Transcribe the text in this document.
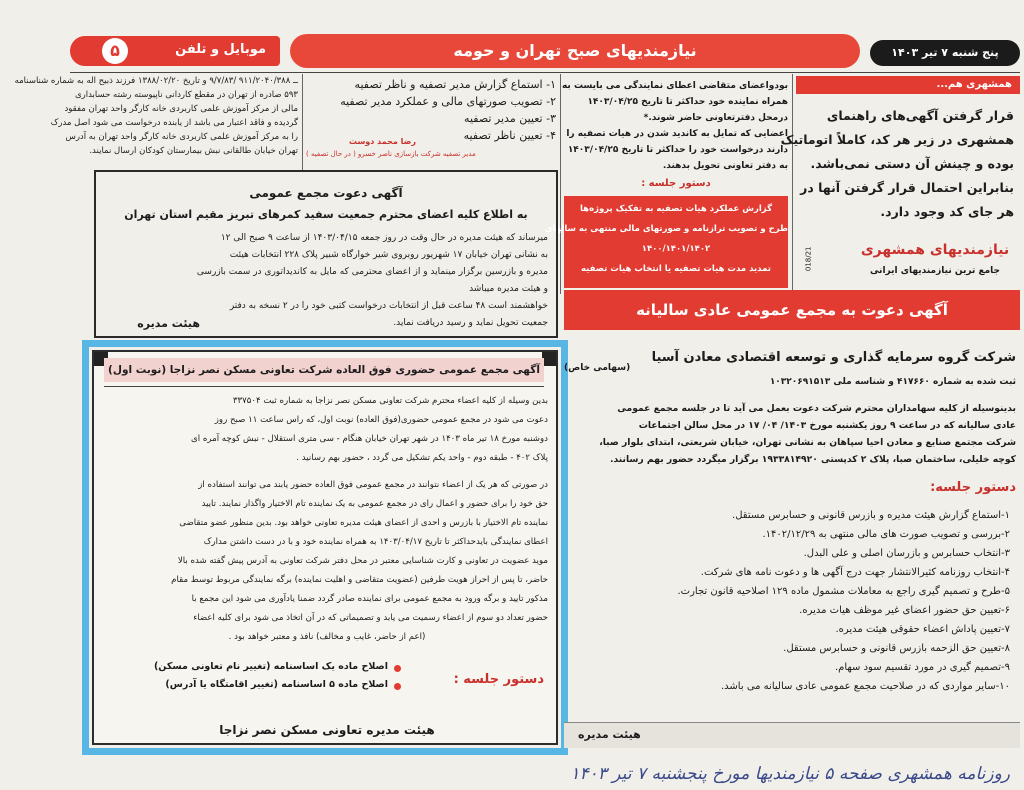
موبایل و تلفن
۵	نیازمندیهای صبح تهران و حومه	پنج شنبه ۷ تیر ۱۴۰۳
ــ ۹۱۱/۲۰۴۰/۳۸۸ /۹/۷/۸۳ و تاریخ ۱۳۸۸/۰۲/۲۰ فرزند ذبیح اله به شماره شناسنامه
۵۹۳ صادره از تهران در مقطع کاردانی ناپیوسته رشته حسابداری
مالی از مرکز آموزش علمی کاربردی خانه کارگر واحد تهران مفقود
گردیده و فاقد اعتبار می باشد از یابنده درخواست می شود اصل مدرک
را به مرکز آموزش علمی کاربردی خانه کارگر واحد تهران به آدرس
تهران خیابان طالقانی نبش بیمارستان کودکان ارسال نمایند.
۱- استماع گزارش مدیر تصفیه و ناظر تصفیه
۲- تصویب صورتهای مالی و عملکرد مدیر تصفیه
۳- تعیین مدیر تصفیه
۴- تعیین ناظر تصفیه
رضا محمد دوست
مدیر تصفیه شرکت بازسازی ناصر خسرو ( در حال تصفیه )
بودواعضای متقاضی اعطای نمایندگی می بایست به
همراه نماینده خود حداکثر تا تاریخ ۱۴۰۳/۰۴/۲۵
درمحل دفترتعاونی حاضر شوند.*
اعضایی که تمایل به کاندید شدن در هیات تصفیه را
دارند درخواست خود را حداکثر تا تاریخ ۱۴۰۳/۰۴/۲۵
به دفتر تعاونی تحویل بدهند.
دستور جلسه :
گزارش عملکرد هیات تصفیه به تفکیک پروژه‌ها
طرح و تصویب ترازنامه و صورتهای مالی منتهی به سالهای
۱۴۰۰/۱۴۰۱/۱۴۰۲
تمدید مدت هیات تصفیه یا انتخاب هیات تصفیه
همشهری هم...
قرار گرفتن آگهی‌های راهنمای
همشهری در زیر هر کد، کاملاً اتوماتیک
بوده و چینش آن دستی نمی‌باشد.
بنابراین احتمال قرار گرفتن آنها در
هر جای کد وجود دارد.
نیازمندیهای همشهری
جامع ترین نیازمندیهای ایرانی
018/21
آگهی دعوت مجمع عمومی
به اطلاع کلیه اعضای محترم جمعیت سفید کمرهای تبریز مقیم استان تهران
میرساند که هیئت مدیره در حال وقت در روز جمعه ۱۴۰۳/۰۴/۱۵ از ساعت ۹ صبح الی ۱۲
به نشانی تهران خیابان ۱۷ شهریور روبروی شیر خوارگاه شبیر پلاک ۲۲۸ انتخابات هیئت
مدیره و بازرسین برگزار مینماید و از اعضای محترمی که مایل به کاندیداتوری در سمت بازرسی
و هیئت مدیره میباشد
خواهشمند است ۴۸ ساعت قبل از انتخابات درخواست کتبی خود را در ۲ نسخه به دفتر
جمعیت تحویل نماید و رسید دریافت نماید.
هیئت مدیره
آگهی مجمع عمومی حضوری فوق العاده شرکت تعاونی مسکن نصر نزاجا (نوبت اول)
بدین وسیله از کلیه اعضاء محترم شرکت تعاونی مسکن نصر نزاجا به شماره ثبت ۳۳۷۵۰۴
دعوت می شود در مجمع عمومی حضوری(فوق العاده) نوبت اول، که راس ساعت ۱۱ صبح روز
دوشنبه مورخ ۱۸ تیر ماه ۱۴۰۳ در شهر تهران خیابان هنگام - سی متری استقلال - نبش کوچه آمره ای
پلاک ۴۰۲ - طبقه دوم - واحد یکم تشکیل می گردد ، حضور بهم رسانید .
در صورتی که هر یک از اعضاء نتوانند در مجمع عمومی فوق العاده حضور یابند می توانند استفاده از
حق خود را برای حضور و اعمال رای در مجمع عمومی به یک نماینده تام الاختیار واگذار نمایند. تایید
نماینده تام الاختیار با بازرس و احدی از اعضای هیئت مدیره تعاونی خواهد بود. بدین منظور عضو متقاضی
اعطای نمایندگی بایدحداکثر تا تاریخ ۱۴۰۳/۰۴/۱۷ به همراه نماینده خود و با در دست داشتن مدارک
موید عضویت در تعاونی و کارت شناسایی معتبر در محل دفتر شرکت تعاونی به آدرس پیش گفته شده بالا
حاضر، تا پس از احراز هویت طرفین (عضویت متقاضی و اهلیت نماینده) برگه نمایندگی مربوط توسط مقام
مذکور تایید و برگه ورود به مجمع عمومی برای نماینده صادر گردد ضمنا یادآوری می شود این مجمع با
حضور تعداد دو سوم از اعضاء رسمیت می یابد و تصمیماتی که در آن اتخاذ می شود برای کلیه اعضاء
(اعم از حاضر، غایب و مخالف) نافذ و معتبر خواهد بود .
دستور جلسه :
اصلاح ماده یک اساسنامه (تغییر نام تعاونی مسکن)
اصلاح ماده ۵ اساسنامه (تغییر اقامتگاه یا آدرس)
هیئت مدیره تعاونی مسکن نصر نزاجا
آگهی دعوت به مجمع عمومی عادی سالیانه
شرکت گروه سرمایه گذاری و توسعه اقتصادی معادن آسیا
(سهامی خاص)
ثبت شده به شماره ۴۱۷۶۶۰ و شناسه ملی ۱۰۳۲۰۶۹۱۵۱۳
بدینوسیله از کلیه سهامداران محترم شرکت دعوت بعمل می آید تا در جلسه مجمع عمومی
عادی سالیانه که در ساعت ۹ روز یکشنبه مورخ ۱۴۰۳/ ۰۴/ ۱۷ در محل سالن اجتماعات
شرکت مجتمع صنایع و معادن احیا سپاهان به نشانی تهران، خیابان شریعتی، ابتدای بلوار صبا،
کوچه خلیلی، ساختمان صبا، پلاک ۲ کدپستی ۱۹۳۳۸۱۴۹۲۰ برگزار میگردد حضور بهم رسانند.
دستور جلسه:
۱-استماع گزارش هیئت مدیره و بازرس قانونی و حسابرس مستقل.
۲-بررسی و تصویب صورت های مالی منتهی به ۱۴۰۲/۱۲/۲۹.
۳-انتخاب حسابرس و بازرسان اصلی و علی البدل.
۴-انتخاب روزنامه کثیرالانتشار جهت درج آگهی ها و دعوت نامه های شرکت.
۵-طرح و تصمیم گیری راجع به معاملات مشمول ماده ۱۲۹ اصلاحیه قانون تجارت.
۶-تعیین حق حضور اعضای غیر موظف هیات مدیره.
۷-تعیین پاداش اعضاء حقوقی هیئت مدیره.
۸-تعیین حق الزحمه بازرس قانونی و حسابرس مستقل.
۹-تصمیم گیری در مورد تقسیم سود سهام.
۱۰-سایر مواردی که در صلاحیت مجمع عمومی عادی سالیانه می باشد.
هیئت مدیره
روزنامه همشهری صفحه ۵ نیازمندیها مورخ پنجشنبه ۷ تیر ۱۴۰۳
